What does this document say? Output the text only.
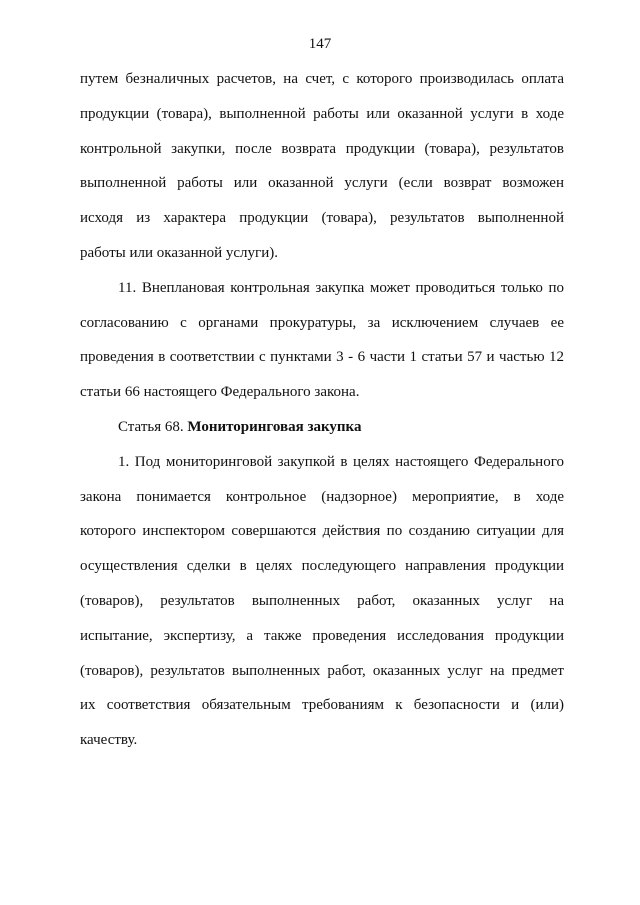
147
путем безналичных расчетов, на счет, с которого производилась оплата
продукции (товара), выполненной работы или оказанной услуги в ходе
контрольной закупки, после возврата продукции (товара), результатов
выполненной работы или оказанной услуги (если возврат возможен
исходя из характера продукции (товара), результатов выполненной
работы или оказанной услуги).
11. Внеплановая контрольная закупка может проводиться только по
согласованию с органами прокуратуры, за исключением случаев ее
проведения в соответствии с пунктами 3 - 6 части 1 статьи 57 и частью 12
статьи 66 настоящего Федерального закона.
Статья 68. Мониторинговая закупка
1. Под мониторинговой закупкой в целях настоящего Федерального
закона понимается контрольное (надзорное) мероприятие, в ходе
которого инспектором совершаются действия по созданию ситуации для
осуществления сделки в целях последующего направления продукции
(товаров), результатов выполненных работ, оказанных услуг на
испытание, экспертизу, а также проведения исследования продукции
(товаров), результатов выполненных работ, оказанных услуг на предмет
их соответствия обязательным требованиям к безопасности и (или)
качеству.
